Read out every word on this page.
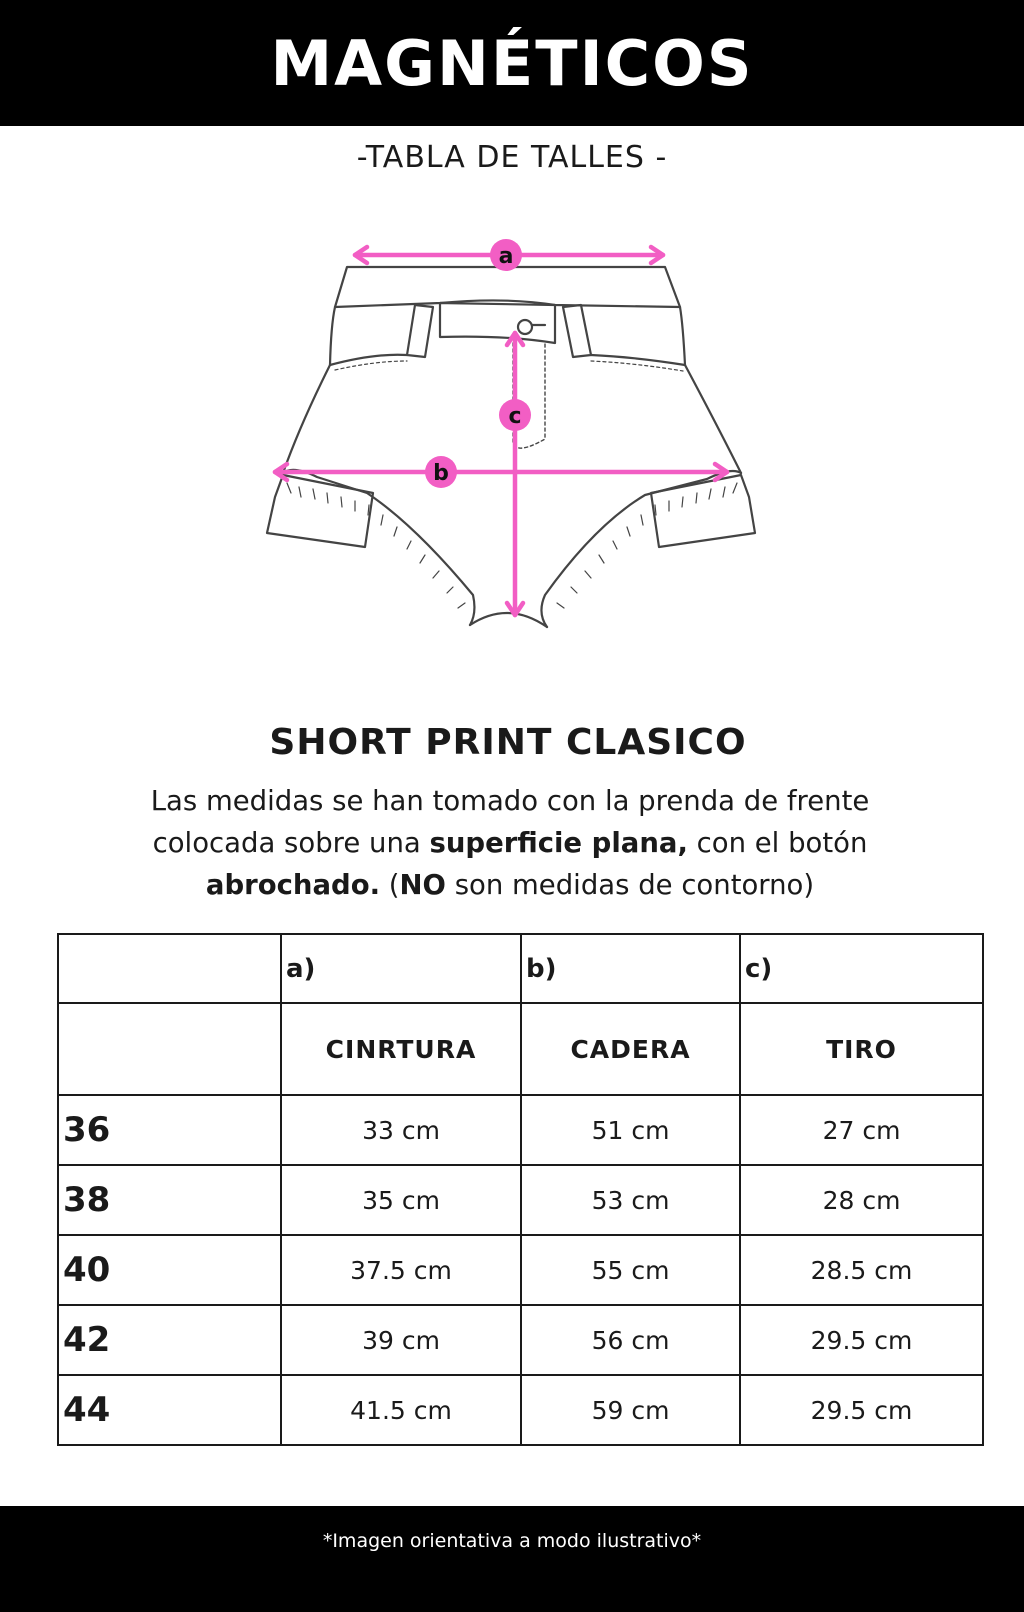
MAGNÉTICOS
-TABLA DE TALLES -
a
b
c
SHORT PRINT CLASICO
Las medidas se han tomado con la prenda de frente colocada sobre una superficie plana, con el botón abrochado. (NO son medidas de contorno)
	a)	b)	c)
	CINRTURA	CADERA	TIRO
36	33 cm	51 cm	27 cm
38	35 cm	53 cm	28 cm
40	37.5 cm	55 cm	28.5 cm
42	39 cm	56 cm	29.5 cm
44	41.5 cm	59 cm	29.5 cm
*Imagen orientativa a modo ilustrativo*
